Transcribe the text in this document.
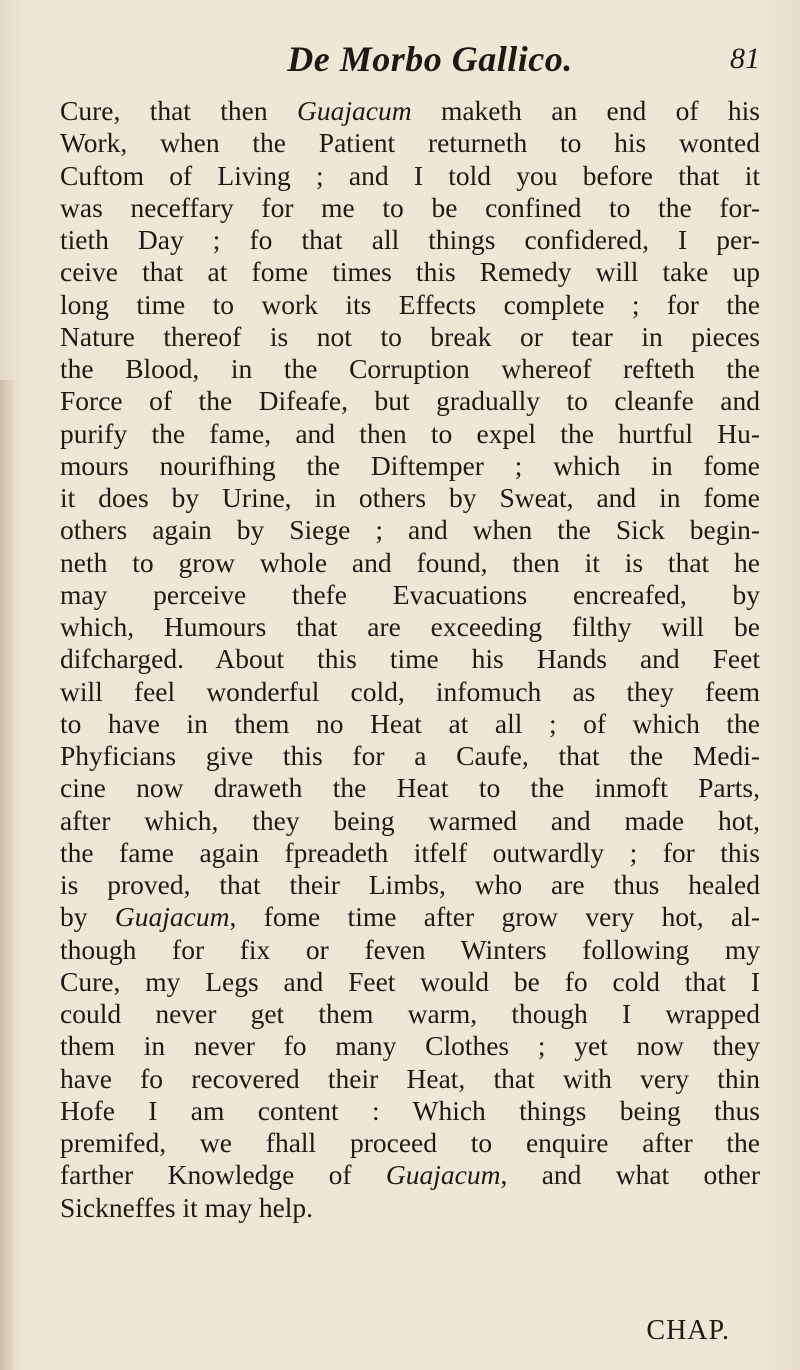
De Morbo Gallico.	81
Cure, that then Guajacum maketh an end of his
Work, when the Patient returneth to his wonted
Cuftom of Living ; and I told you before that it
was neceffary for me to be confined to the for-
tieth Day ; fo that all things confidered, I per-
ceive that at fome times this Remedy will take up
long time to work its Effects complete ; for the
Nature thereof is not to break or tear in pieces
the Blood, in the Corruption whereof refteth the
Force of the Difeafe, but gradually to cleanfe and
purify the fame, and then to expel the hurtful Hu-
mours nourifhing the Diftemper ; which in fome
it does by Urine, in others by Sweat, and in fome
others again by Siege ; and when the Sick begin-
neth to grow whole and found, then it is that he
may perceive thefe Evacuations encreafed, by
which, Humours that are exceeding filthy will be
difcharged. About this time his Hands and Feet
will feel wonderful cold, infomuch as they feem
to have in them no Heat at all ; of which the
Phyficians give this for a Caufe, that the Medi-
cine now draweth the Heat to the inmoft Parts,
after which, they being warmed and made hot,
the fame again fpreadeth itfelf outwardly ; for this
is proved, that their Limbs, who are thus healed
by Guajacum, fome time after grow very hot, al-
though for fix or feven Winters following my
Cure, my Legs and Feet would be fo cold that I
could never get them warm, though I wrapped
them in never fo many Clothes ; yet now they
have fo recovered their Heat, that with very thin
Hofe I am content : Which things being thus
premifed, we fhall proceed to enquire after the
farther Knowledge of Guajacum, and what other
Sickneffes it may help.
CHAP.
